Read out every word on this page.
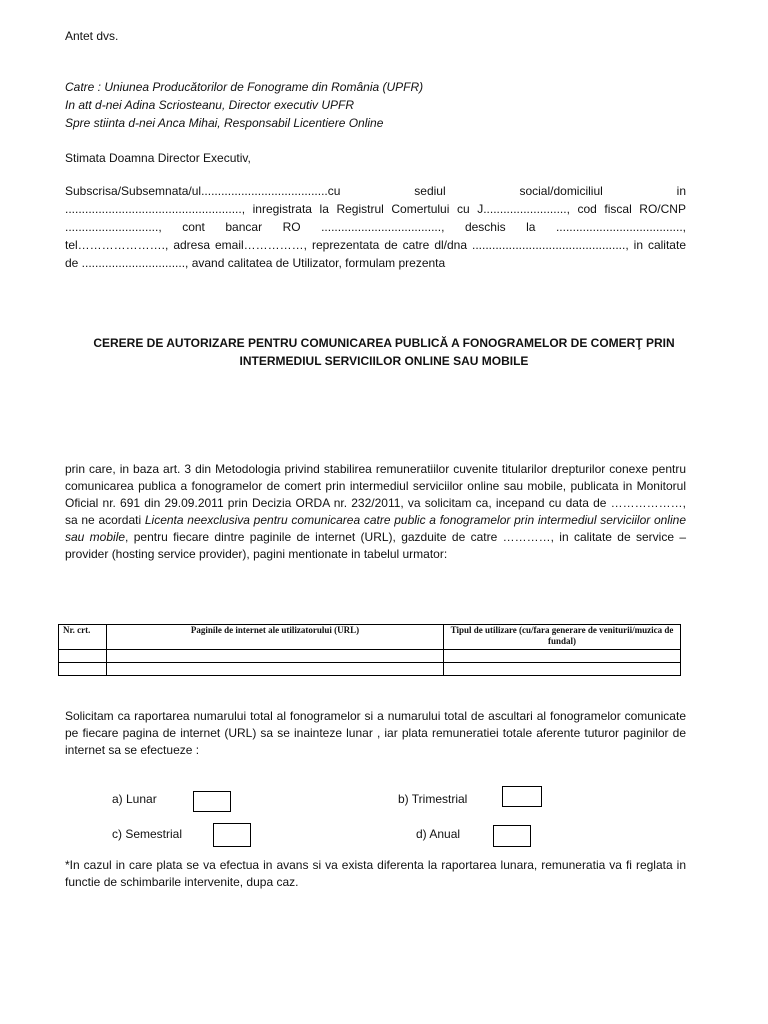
Antet dvs.
Catre : Uniunea Producătorilor de Fonograme din România (UPFR)
In att d-nei Adina Scriosteanu, Director executiv UPFR
Spre stiinta d-nei Anca Mihai, Responsabil Licentiere Online
Stimata Doamna Director Executiv,
Subscrisa/Subsemnata/ul......................................cu	sediul	social/domiciliul	in
....................................................., inregistrata la Registrul Comertului cu J........................., cod fiscal RO/CNP
............................, cont bancar RO ...................................., deschis la ......................................,
tel…………………., adresa email……………, reprezentata de catre dl/dna .............................................., in calitate
de ..............................., avand calitatea de Utilizator, formulam prezenta
CERERE DE AUTORIZARE PENTRU COMUNICAREA PUBLICĂ A FONOGRAMELOR DE COMERŢ PRIN
INTERMEDIUL SERVICIILOR ONLINE SAU MOBILE
prin care, in baza art. 3 din Metodologia privind stabilirea remuneratiilor cuvenite titularilor drepturilor conexe pentru comunicarea publica a fonogramelor de comert prin intermediul serviciilor online sau mobile, publicata in Monitorul Oficial nr. 691 din 29.09.2011 prin Decizia ORDA nr. 232/2011, va solicitam ca, incepand cu data de ………………, sa ne acordati Licenta neexclusiva pentru comunicarea catre public a fonogramelor prin intermediul serviciilor online sau mobile, pentru fiecare dintre paginile de internet (URL), gazduite de catre …………, in calitate de service – provider (hosting service provider), pagini mentionate in tabelul urmator:
Nr. crt.	Paginile de internet ale utilizatorului (URL)	Tipul de utilizare (cu/fara generare de veniturii/muzica de fundal)

Solicitam ca raportarea numarului total al fonogramelor si a numarului total de ascultari al fonogramelor comunicate pe fiecare pagina de internet (URL) sa se inainteze lunar , iar plata remuneratiei totale aferente tuturor paginilor de internet sa se efectueze :
a) Lunar	b) Trimestrial
c) Semestrial	d) Anual
*In cazul in care plata se va efectua in avans si va exista diferenta la raportarea lunara, remuneratia va fi reglata in functie de schimbarile intervenite, dupa caz.
